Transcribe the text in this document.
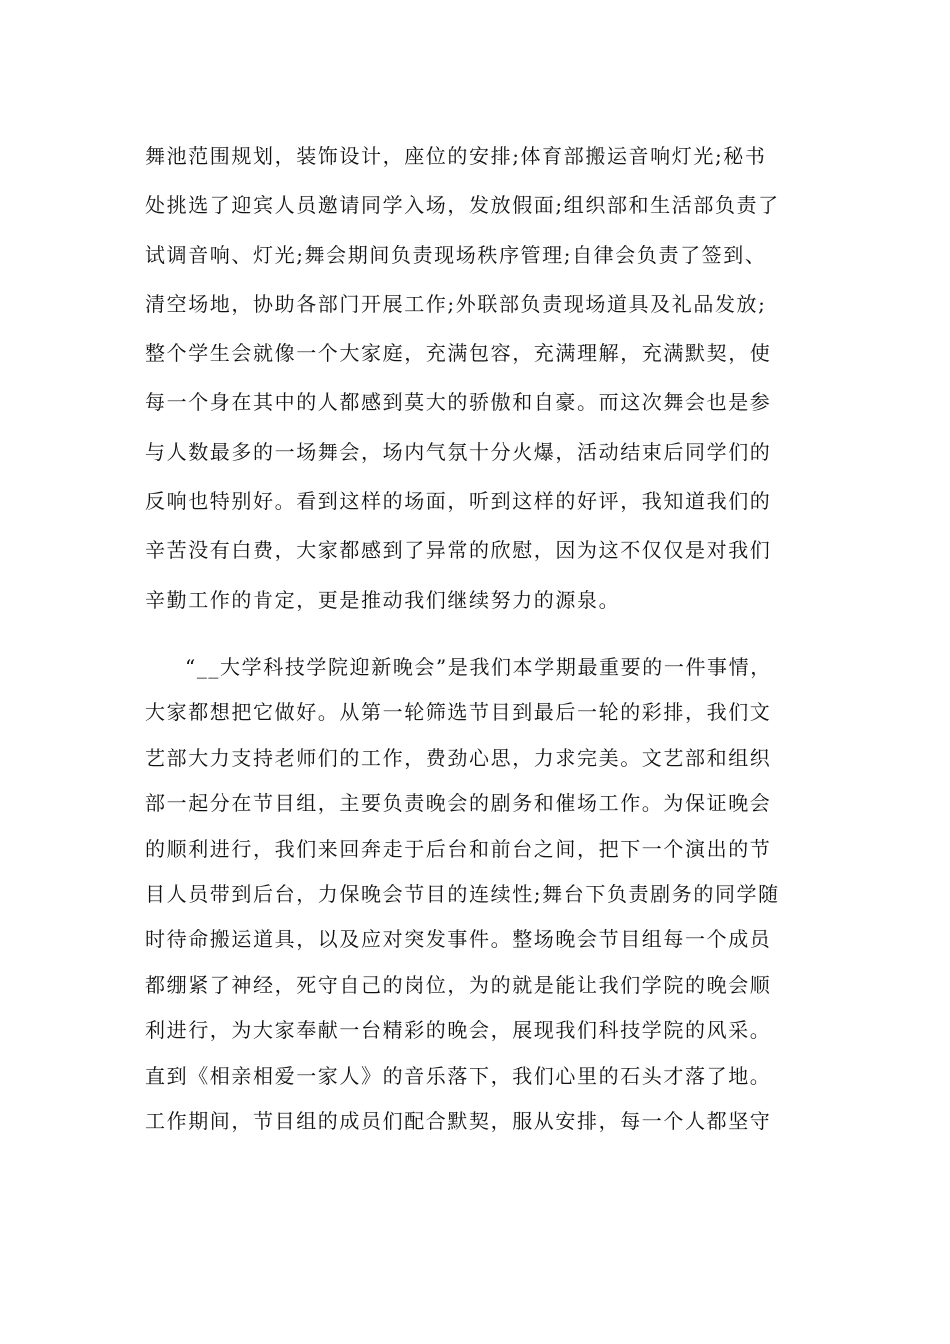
舞池范围规划，装饰设计，座位的安排;体育部搬运音响灯光;秘书
处挑选了迎宾人员邀请同学入场，发放假面;组织部和生活部负责了
试调音响、灯光;舞会期间负责现场秩序管理;自律会负责了签到、
清空场地，协助各部门开展工作;外联部负责现场道具及礼品发放;
整个学生会就像一个大家庭，充满包容，充满理解，充满默契，使
每一个身在其中的人都感到莫大的骄傲和自豪。而这次舞会也是参
与人数最多的一场舞会，场内气氛十分火爆，活动结束后同学们的
反响也特别好。看到这样的场面，听到这样的好评，我知道我们的
辛苦没有白费，大家都感到了异常的欣慰，因为这不仅仅是对我们
辛勤工作的肯定，更是推动我们继续努力的源泉。
“__大学科技学院迎新晚会”是我们本学期最重要的一件事情，
大家都想把它做好。从第一轮筛选节目到最后一轮的彩排，我们文
艺部大力支持老师们的工作，费劲心思，力求完美。文艺部和组织
部一起分在节目组，主要负责晚会的剧务和催场工作。为保证晚会
的顺利进行，我们来回奔走于后台和前台之间，把下一个演出的节
目人员带到后台，力保晚会节目的连续性;舞台下负责剧务的同学随
时待命搬运道具，以及应对突发事件。整场晚会节目组每一个成员
都绷紧了神经，死守自己的岗位，为的就是能让我们学院的晚会顺
利进行，为大家奉献一台精彩的晚会，展现我们科技学院的风采。
直到《相亲相爱一家人》的音乐落下，我们心里的石头才落了地。
工作期间，节目组的成员们配合默契，服从安排，每一个人都坚守
